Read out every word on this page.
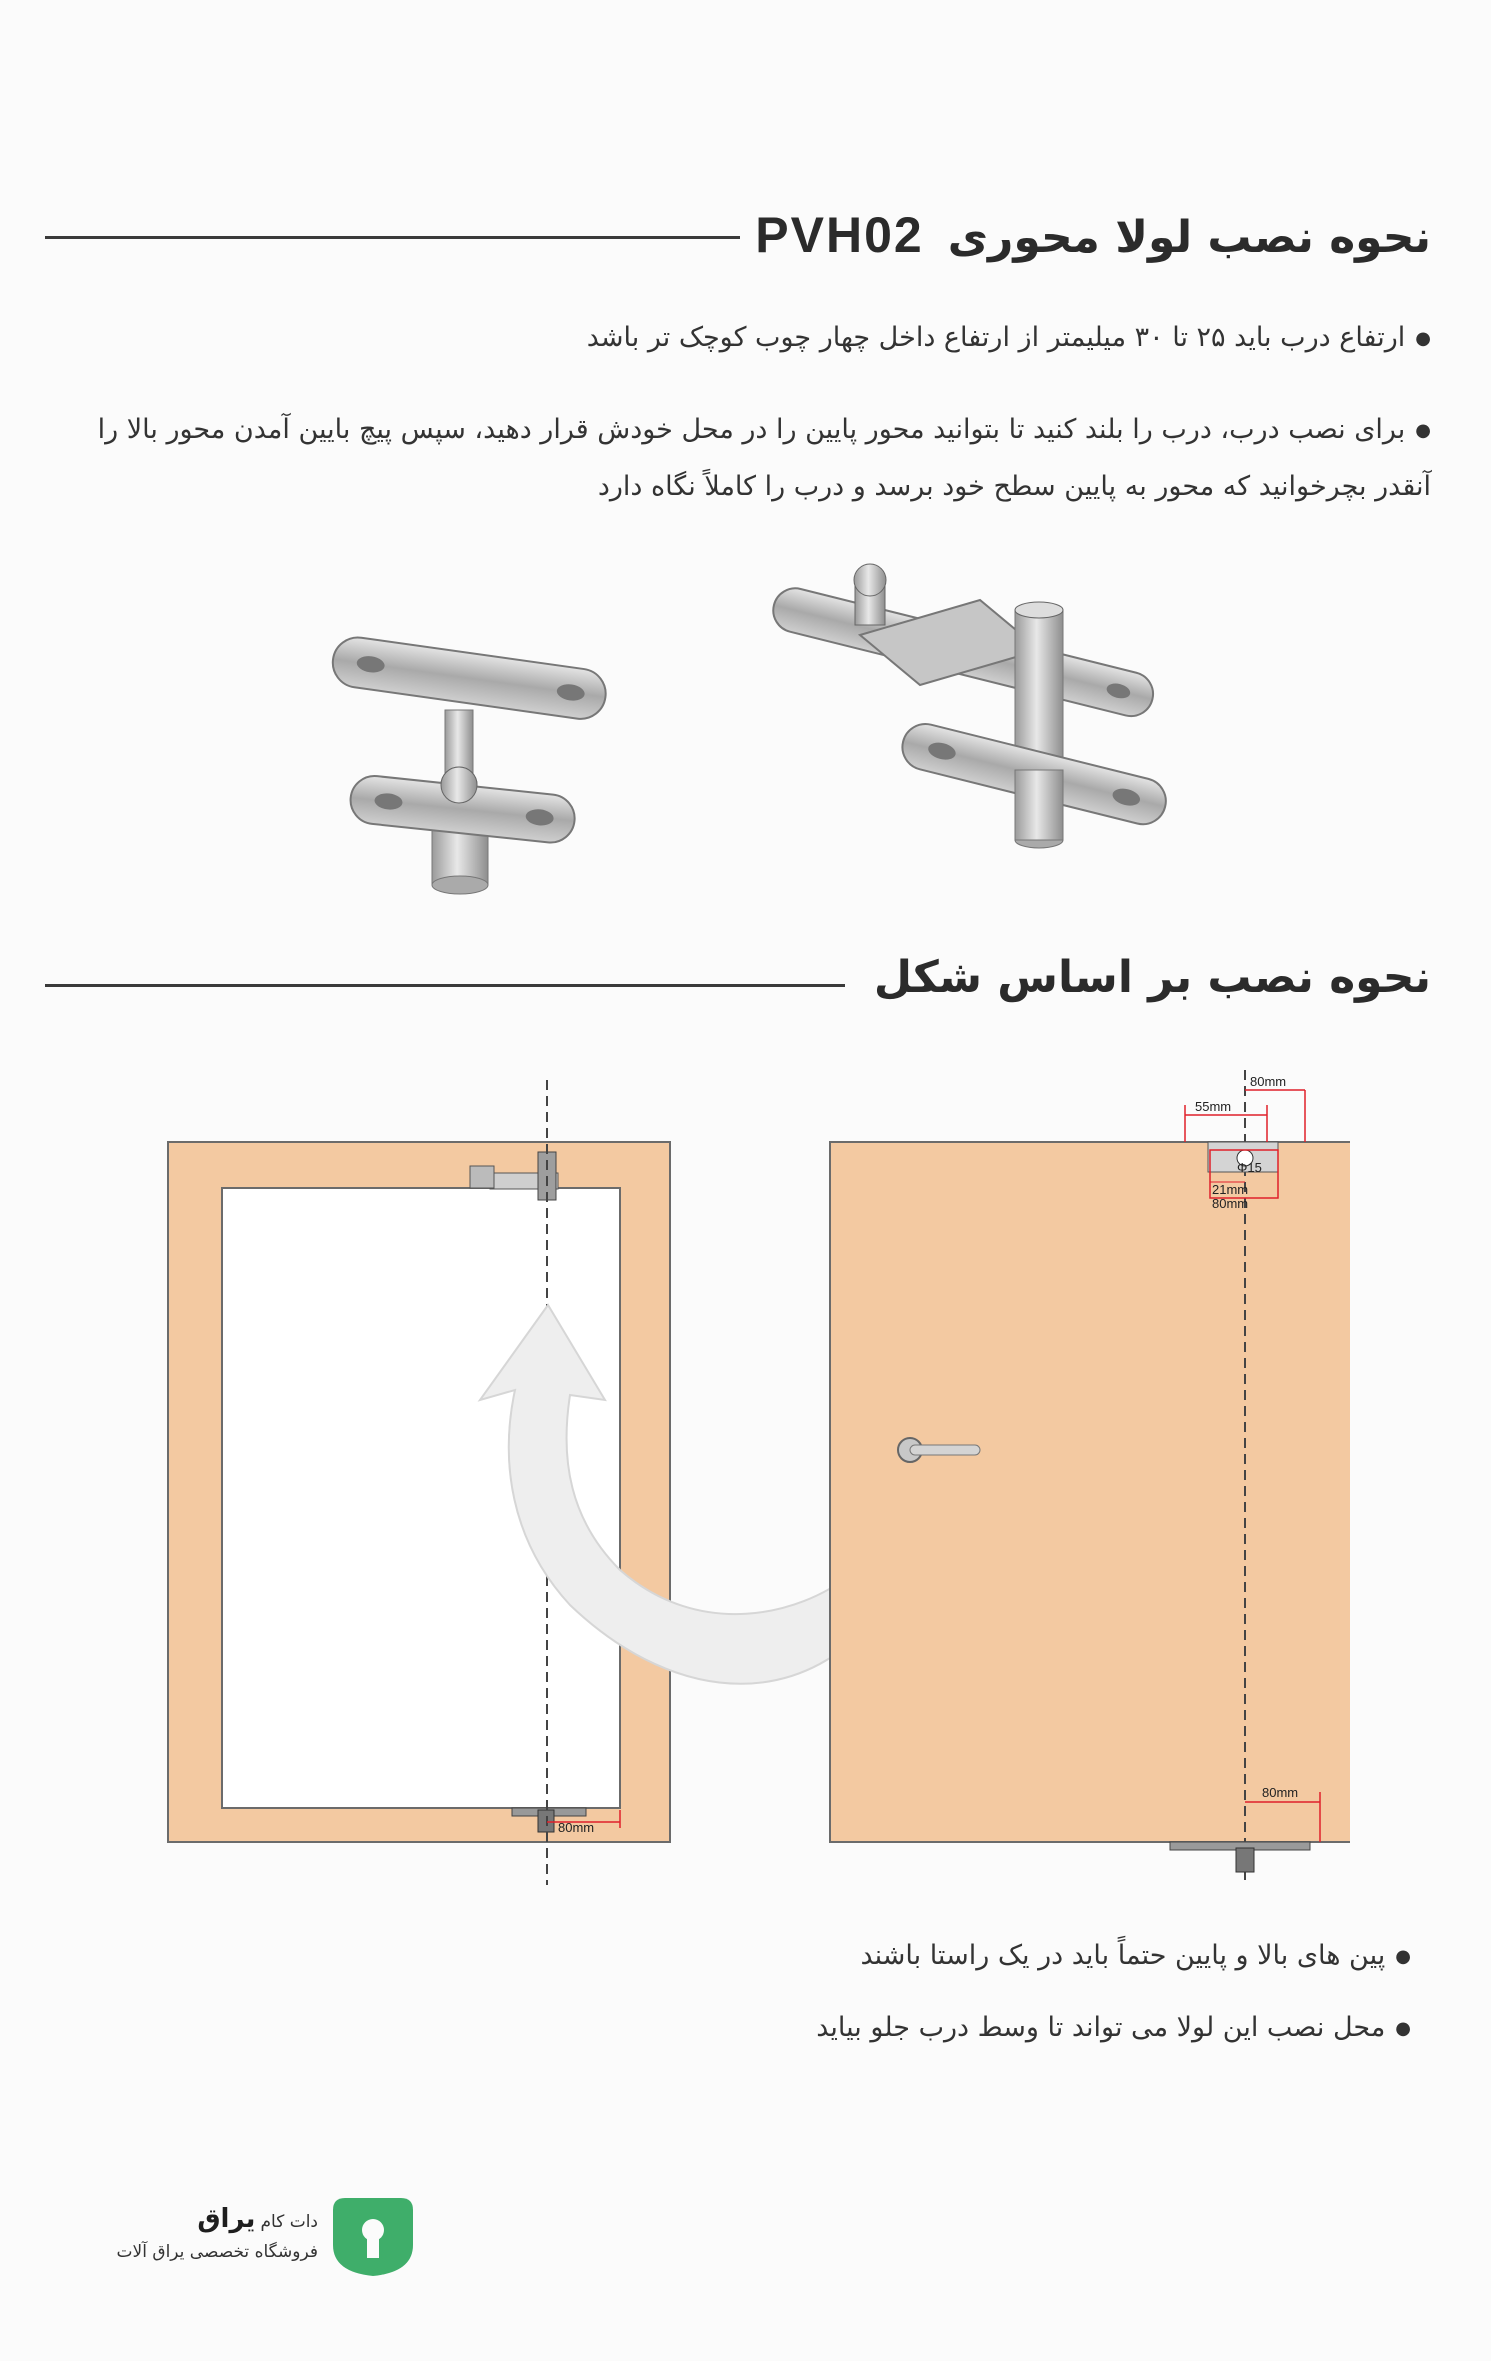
نحوه نصب لولا محوریPVH02
● ارتفاع درب باید ۲۵ تا ۳۰ میلیمتر از ارتفاع داخل چهار چوب کوچک تر باشد
● برای نصب درب، درب را بلند کنید تا بتوانید محور پایین را در محل خودش قرار دهید، سپس پیچ بایین آمدن محور بالا را آنقدر بچرخوانید که محور به پایین سطح خود برسد و درب را کاملاً نگاه دارد
نحوه نصب بر اساس شکل
80mm
80mm
55mm
Φ15
21mm
80mm
80mm
● پین های بالا و پایین حتماً باید در یک راستا باشند
● محل نصب این لولا می تواند تا وسط درب جلو بیاید
دات کام یراق
فروشگاه تخصصی یراق آلات
